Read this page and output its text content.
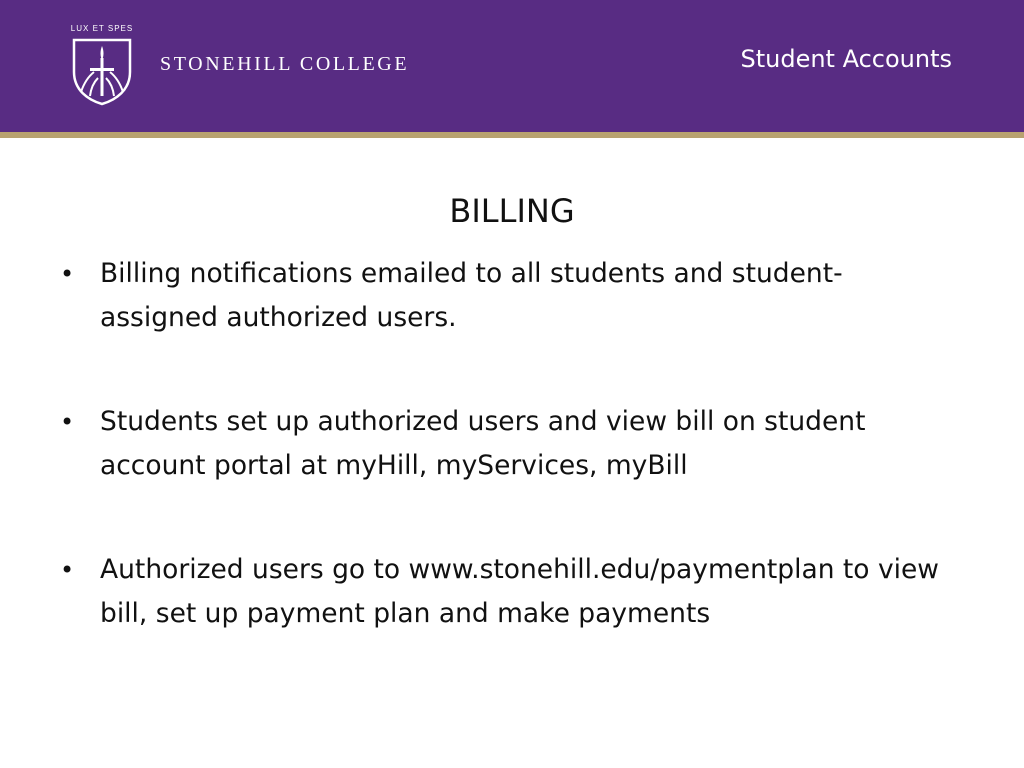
LUX ET SPES
STONEHILL COLLEGE	Student Accounts
BILLING
• Billing notifications emailed to all students and student-assigned authorized users.
• Students set up authorized users and view bill on student account portal at myHill, myServices, myBill
• Authorized users go to www.stonehill.edu/paymentplan to view bill, set up payment plan and make payments
